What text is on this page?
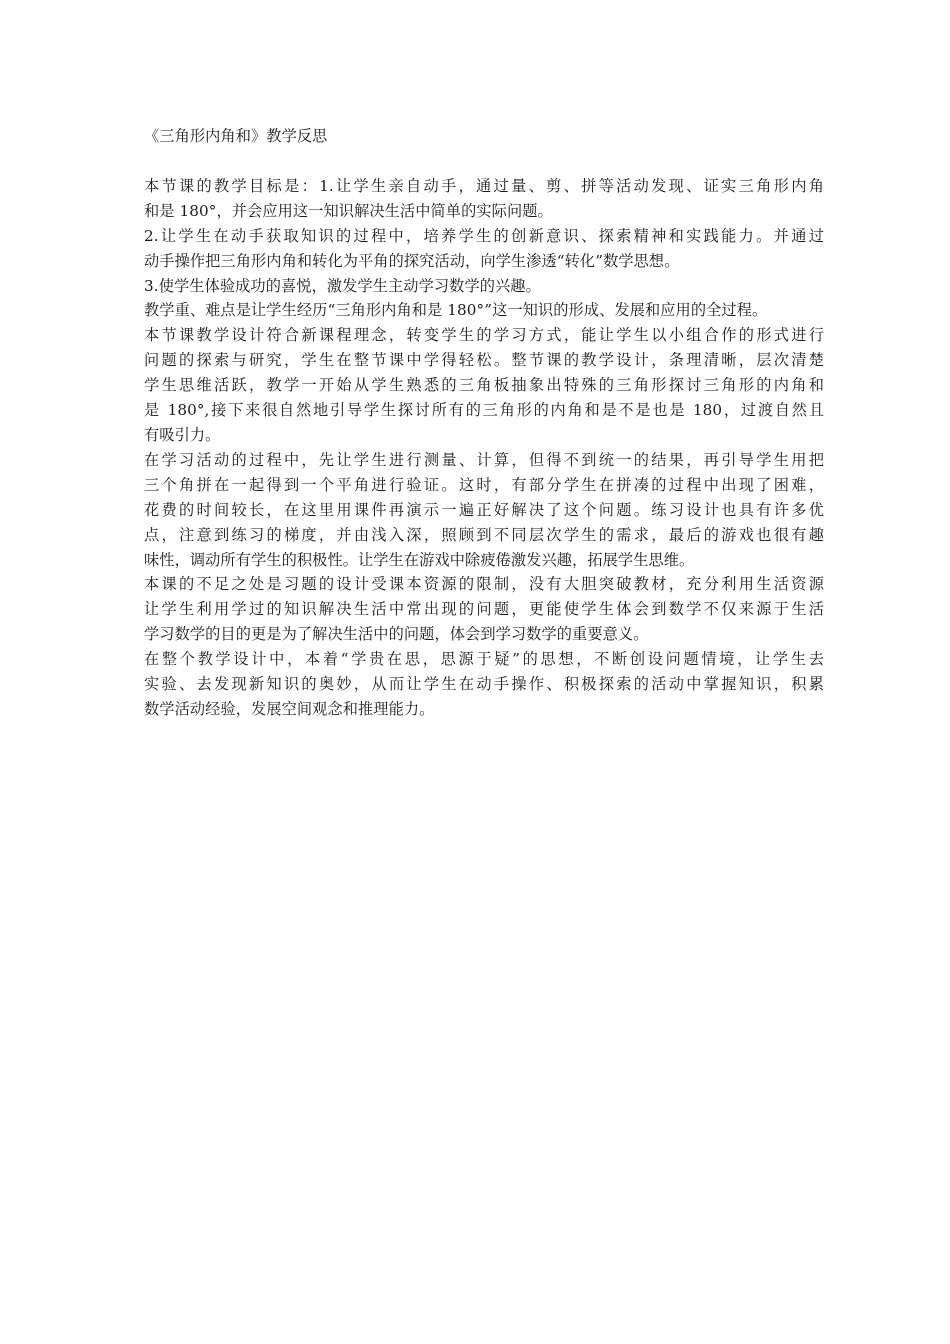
《三角形内角和》教学反思
本节课的教学目标是：1.让学生亲自动手，通过量、剪、拼等活动发现、证实三角形内角
和是 180°，并会应用这一知识解决生活中简单的实际问题。
2.让学生在动手获取知识的过程中，培养学生的创新意识、探索精神和实践能力。并通过
动手操作把三角形内角和转化为平角的探究活动，向学生渗透“转化”数学思想。
3.使学生体验成功的喜悦，激发学生主动学习数学的兴趣。
教学重、难点是让学生经历“三角形内角和是 180°”这一知识的形成、发展和应用的全过程。
本节课教学设计符合新课程理念，转变学生的学习方式，能让学生以小组合作的形式进行
问题的探索与研究，学生在整节课中学得轻松。整节课的教学设计，条理清晰，层次清楚
学生思维活跃，教学一开始从学生熟悉的三角板抽象出特殊的三角形探讨三角形的内角和
是 180°,接下来很自然地引导学生探讨所有的三角形的内角和是不是也是 180，过渡自然且
有吸引力。
在学习活动的过程中，先让学生进行测量、计算，但得不到统一的结果，再引导学生用把
三个角拼在一起得到一个平角进行验证。这时，有部分学生在拼凑的过程中出现了困难，
花费的时间较长，在这里用课件再演示一遍正好解决了这个问题。练习设计也具有许多优
点，注意到练习的梯度，并由浅入深，照顾到不同层次学生的需求，最后的游戏也很有趣
味性，调动所有学生的积极性。让学生在游戏中除疲倦激发兴趣，拓展学生思维。
本课的不足之处是习题的设计受课本资源的限制，没有大胆突破教材，充分利用生活资源
让学生利用学过的知识解决生活中常出现的问题，更能使学生体会到数学不仅来源于生活
学习数学的目的更是为了解决生活中的问题，体会到学习数学的重要意义。
在整个教学设计中，本着“学贵在思，思源于疑”的思想，不断创设问题情境，让学生去
实验、去发现新知识的奥妙，从而让学生在动手操作、积极探索的活动中掌握知识，积累
数学活动经验，发展空间观念和推理能力。
